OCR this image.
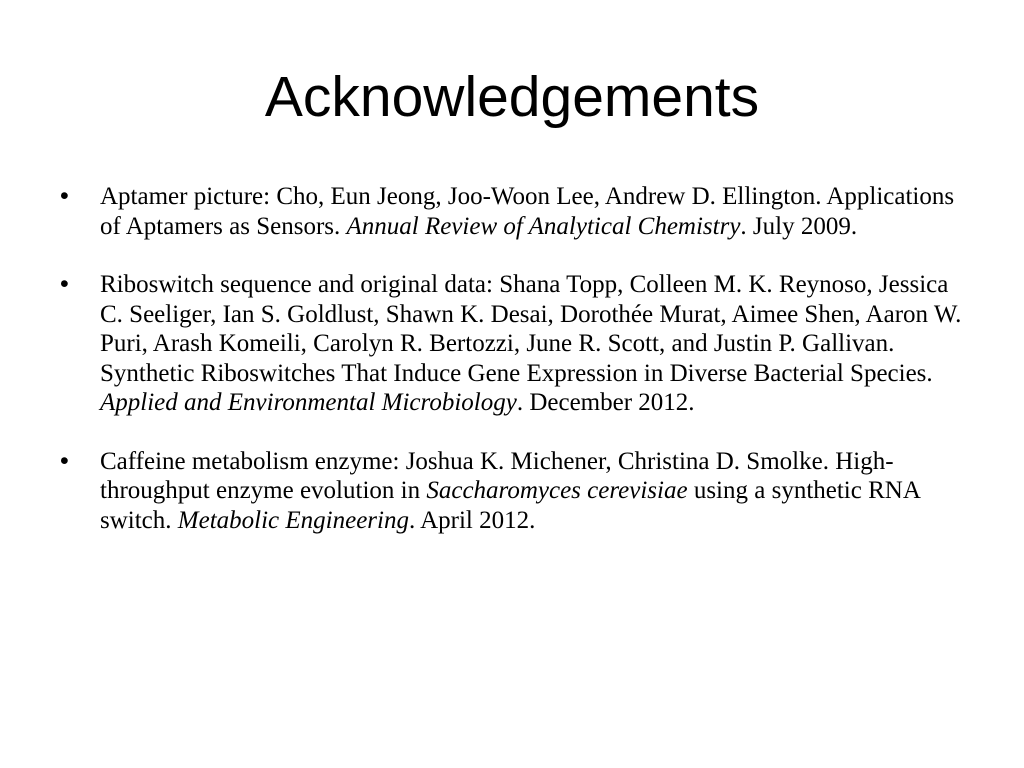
Acknowledgements
• Aptamer picture: Cho, Eun Jeong, Joo-Woon Lee, Andrew D. Ellington. Applications of Aptamers as Sensors. Annual Review of Analytical Chemistry. July 2009.
• Riboswitch sequence and original data: Shana Topp, Colleen M. K. Reynoso, Jessica C. Seeliger, Ian S. Goldlust, Shawn K. Desai, Dorothée Murat, Aimee Shen, Aaron W. Puri, Arash Komeili, Carolyn R. Bertozzi, June R. Scott, and Justin P. Gallivan. Synthetic Riboswitches That Induce Gene Expression in Diverse Bacterial Species. Applied and Environmental Microbiology. December 2012.
• Caffeine metabolism enzyme: Joshua K. Michener, Christina D. Smolke. High-throughput enzyme evolution in Saccharomyces cerevisiae using a synthetic RNA switch. Metabolic Engineering. April 2012.
